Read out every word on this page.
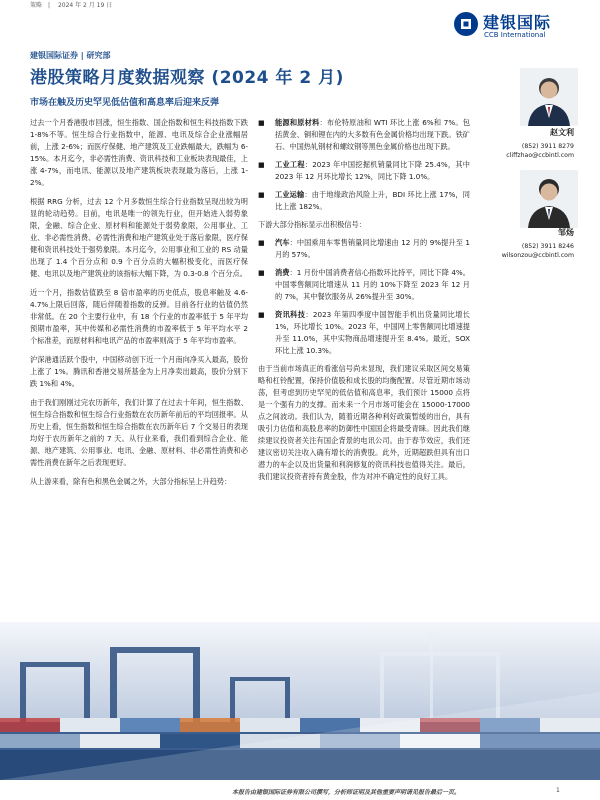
策略 | 2024 年 2 月 19 日
建银国际
CCB International
建银国际证券 | 研究部
港股策略月度数据观察 (2024 年 2 月)
市场在触及历史罕见低估值和高息率后迎来反弹

过去一个月香港股市回涨，恒生指数、国企指数和恒生科技指数下跌 1-8%不等。恒生综合行业指数中，能源、电讯及综合企业涨幅居前，上涨 2-6%；而医疗保健、地产建筑及工业跌幅最大，跌幅为 6-15%。本月迄今，非必需性消费、资讯科技和工业板块表现最佳，上涨 4-7%，而电讯、能源以及地产建筑板块表现最为落后，上涨 1-2%。

根据 RRG 分析，过去 12 个月多数恒生综合行业指数呈现出较为明显的轮动趋势。目前，电讯是唯一的领先行业，但开始进入弱势象限，金融、综合企业、原材料和能源处于弱势象限，公用事业、工业、非必需性消费、必需性消费和地产建筑业处于落后象限，医疗保健和资讯科技处于强势象限。本月迄今，公用事业和工业的 RS 动量出现了 1.4 个百分点和 0.9 个百分点的大幅积极变化，而医疗保健、电讯以及地产建筑业的该指标大幅下降，为 0.3-0.8 个百分点。

近一个月，指数估值跌至 8 倍市盈率的历史低点，股息率触及 4.6-4.7%上限后回落，随后伴随着指数的反弹。目前各行业的估值仍然非常低。在 20 个主要行业中，有 18 个行业的市盈率低于 5 年平均预期市盈率，其中传媒和必需性消费的市盈率低于 5 年平均水平 2 个标准差，而原材料和电讯产品的市盈率则高于 5 年平均市盈率。

沪深港通活跃个股中，中国移动创下近一个月南向净买入最高，股份上涨了 1%。腾讯和香港交易所基金为上月净卖出最高，股价分别下跌 1%和 4%。

由于我们刚刚过完农历新年，我们计算了在过去十年间，恒生指数、恒生综合指数和恒生综合行业指数在农历新年前后的平均回报率。从历史上看，恒生指数和恒生综合指数在农历新年后 7 个交易日的表现均好于农历新年之前的 7 天。从行业来看，我们看到综合企业、能源、地产建筑、公用事业、电讯、金融、原材料、非必需性消费和必需性消费在新年之后表现更好。

从上游来看，除有色和黑色金属之外，大部分指标呈上升趋势：

■ 能源和原材料：布伦特原油和 WTI 环比上涨 6%和 7%。包括黄金、铜和锂在内的大多数有色金属价格均出现下跌。铁矿石、中国热轧钢材和螺纹钢等黑色金属价格也出现下跌。
■ 工业工程：2023 年中国挖掘机销量同比下降 25.4%，其中 2023 年 12 月环比增长 12%，同比下降 1.0%。
■ 工业运输：由于地缘政治风险上升，BDI 环比上涨 17%，同比上涨 182%。
下游大部分指标显示出积极信号：
■ 汽车：中国乘用车零售销量同比增速由 12 月的 9%提升至 1 月的 57%。
■ 消费：1 月份中国消费者信心指数环比持平，同比下降 4%。中国零售额同比增速从 11 月的 10%下降至 2023 年 12 月的 7%，其中餐饮服务从 26%提升至 30%。
■ 资讯科技：2023 年第四季度中国智能手机出货量同比增长 1%，环比增长 10%。2023 年，中国网上零售额同比增速提升至 11.0%，其中实物商品增速提升至 8.4%。最近，SOX 环比上涨 10.3%。

由于当前市场真正的看涨信号尚未显现，我们建议采取区间交易策略和杠铃配置，保持价值股和成长股的均衡配置。尽管近期市场动荡，但考虑到历史罕见的低估值和高息率，我们预计 15000 点将是一个强有力的支撑。而未来一个月市场可能会在 15000-17000 点之间波动。我们认为，随着近期各种利好政策暂缓的出台，具有吸引力估值和高股息率的防御性中国国企将最受青睐。因此我们继续建议投资者关注有国企背景的电讯公司。由于春节效应，我们还建议密切关注收入确有增长的消费股。此外，近期超跌但具有出口潜力的车企以及出货量和利润修复的资讯科技也值得关注。最后，我们建议投资者持有黄金股，作为对冲不确定性的良好工具。

赵文利
(852) 3911 8279
cliffzhao@ccbintl.com
邹炀
(852) 3911 8246
wilsonzou@ccbintl.com
本报告由建银国际证券有限公司撰写，分析师证明及其他重要声明请见报告最后一页。	1
